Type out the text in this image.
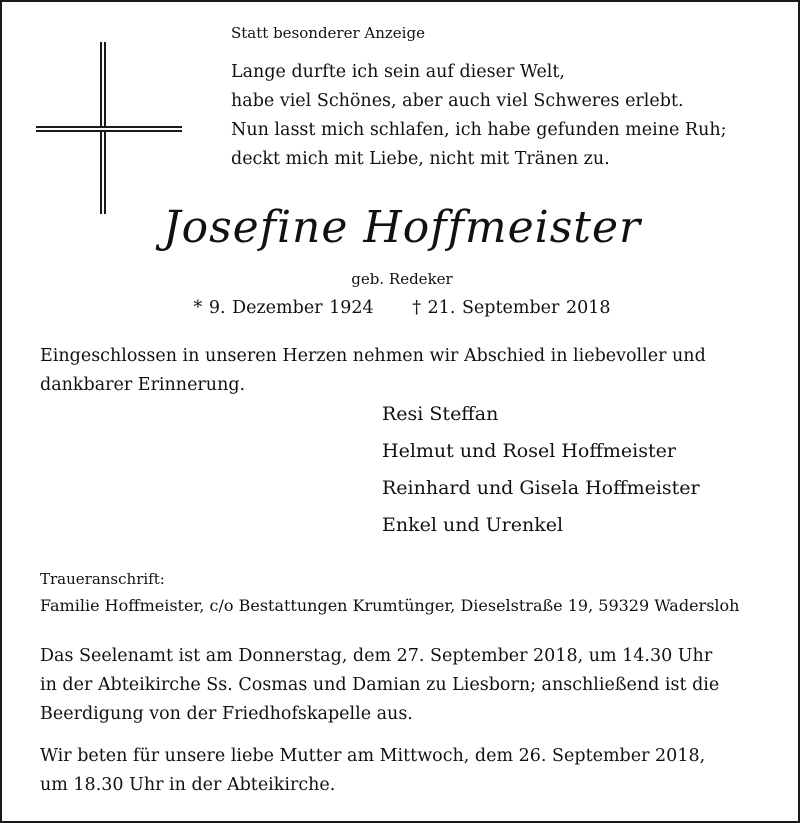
Statt besonderer Anzeige
Lange durfte ich sein auf dieser Welt,
habe viel Schönes, aber auch viel Schweres erlebt.
Nun lasst mich schlafen, ich habe gefunden meine Ruh;
deckt mich mit Liebe, nicht mit Tränen zu.
Josefine Hoffmeister
geb. Redeker
* 9. Dezember 1924 † 21. September 2018
Eingeschlossen in unseren Herzen nehmen wir Abschied in liebevoller und
dankbarer Erinnerung.
Resi Steffan
Helmut und Rosel Hoffmeister
Reinhard und Gisela Hoffmeister
Enkel und Urenkel
Traueranschrift:
Familie Hoffmeister, c/o Bestattungen Krumtünger, Dieselstraße 19, 59329 Wadersloh
Das Seelenamt ist am Donnerstag, dem 27. September 2018, um 14.30 Uhr
in der Abteikirche Ss. Cosmas und Damian zu Liesborn; anschließend ist die
Beerdigung von der Friedhofskapelle aus.
Wir beten für unsere liebe Mutter am Mittwoch, dem 26. September 2018,
um 18.30 Uhr in der Abteikirche.
